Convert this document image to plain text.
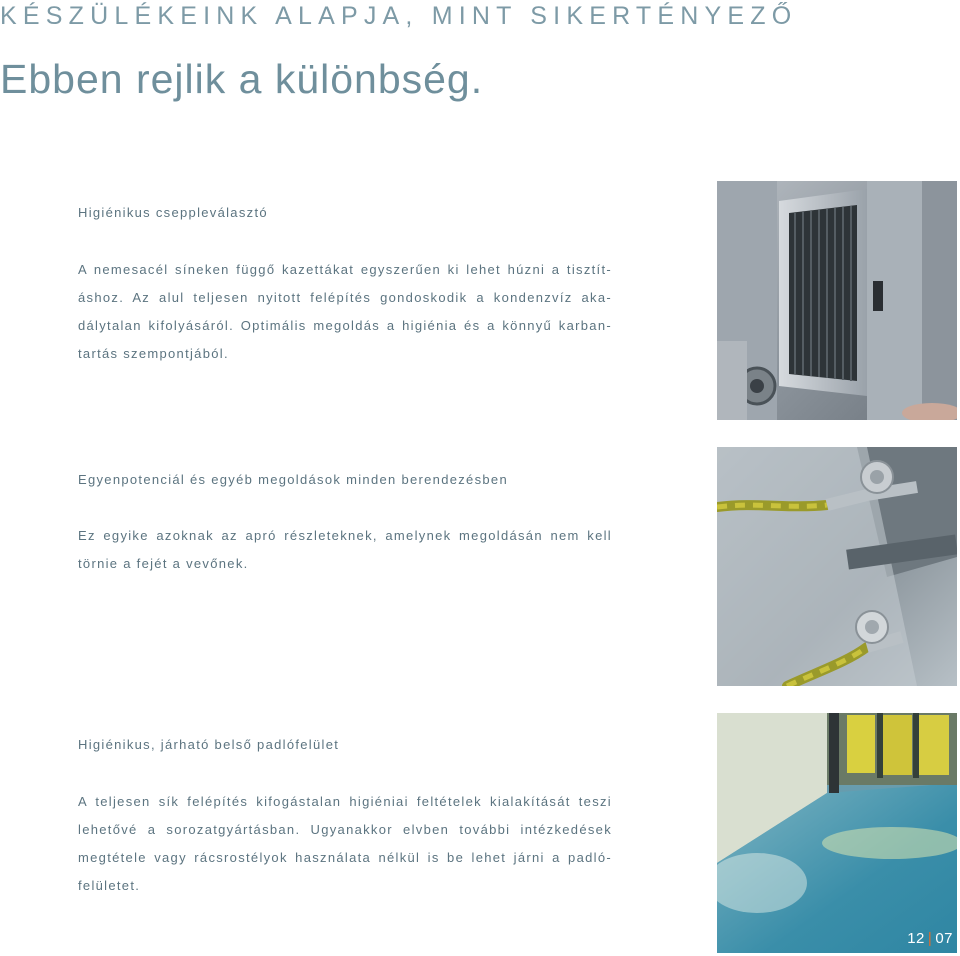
KÉSZÜLÉKEINK ALAPJA, MINT SIKERTÉNYEZŐ
Ebben rejlik a különbség.
Higiénikus cseppleválasztó

A nemesacél síneken függő kazettákat egyszerűen ki lehet húzni a tisztít-áshoz. Az alul teljesen nyitott felépítés gondoskodik a kondenzvíz aka-dálytalan kifolyásáról. Optimális megoldás a higiénia és a könnyű karban-tartás szempontjából.

Egyenpotenciál és egyéb megoldások minden berendezésben

Ez egyike azoknak az apró részleteknek, amelynek megoldásán nem kell törnie a fejét a vevőnek.

Higiénikus, járható belső padlófelület

A teljesen sík felépítés kifogástalan higiéniai feltételek kialakítását teszi lehetővé a sorozatgyártásban. Ugyanakkor elvben további intézkedések megtétele vagy rácsrostélyok használata nélkül is be lehet járni a padló-felületet.

12 | 07
